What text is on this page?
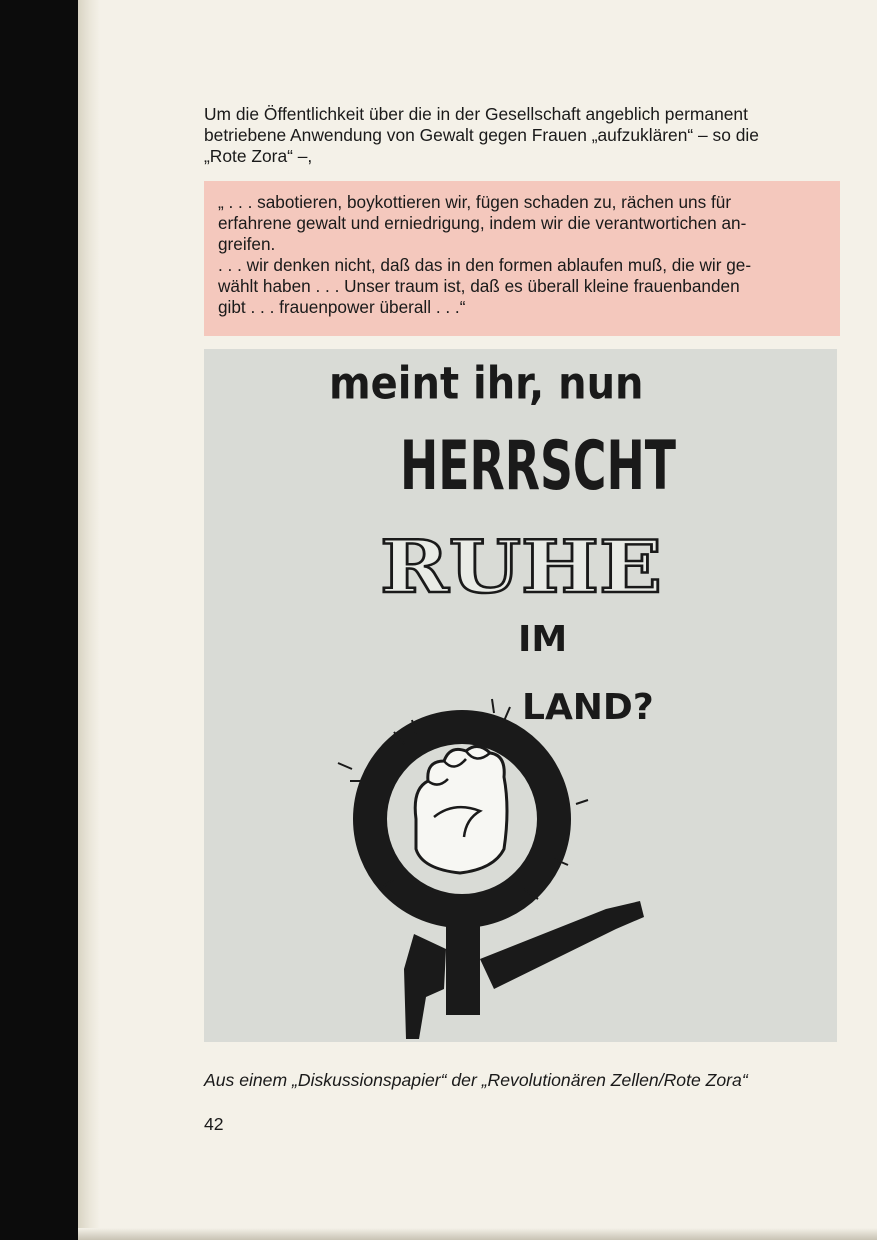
Um die Öffentlichkeit über die in der Gesellschaft angeblich permanent
betriebene Anwendung von Gewalt gegen Frauen „aufzuklären“ – so die
„Rote Zora“ –,

„ . . . sabotieren, boykottieren wir, fügen schaden zu, rächen uns für
erfahrene gewalt und erniedrigung, indem wir die verantwortichen an-
greifen.

. . . wir denken nicht, daß das in den formen ablaufen muß, die wir ge-
wählt haben . . . Unser traum ist, daß es überall kleine frauenbanden
gibt . . . frauenpower überall . . .“

meint ihr, nun
HERRSCHT
RUHE
IM
LAND?

Aus einem „Diskussionspapier“ der „Revolutionären Zellen/Rote Zora“

42
